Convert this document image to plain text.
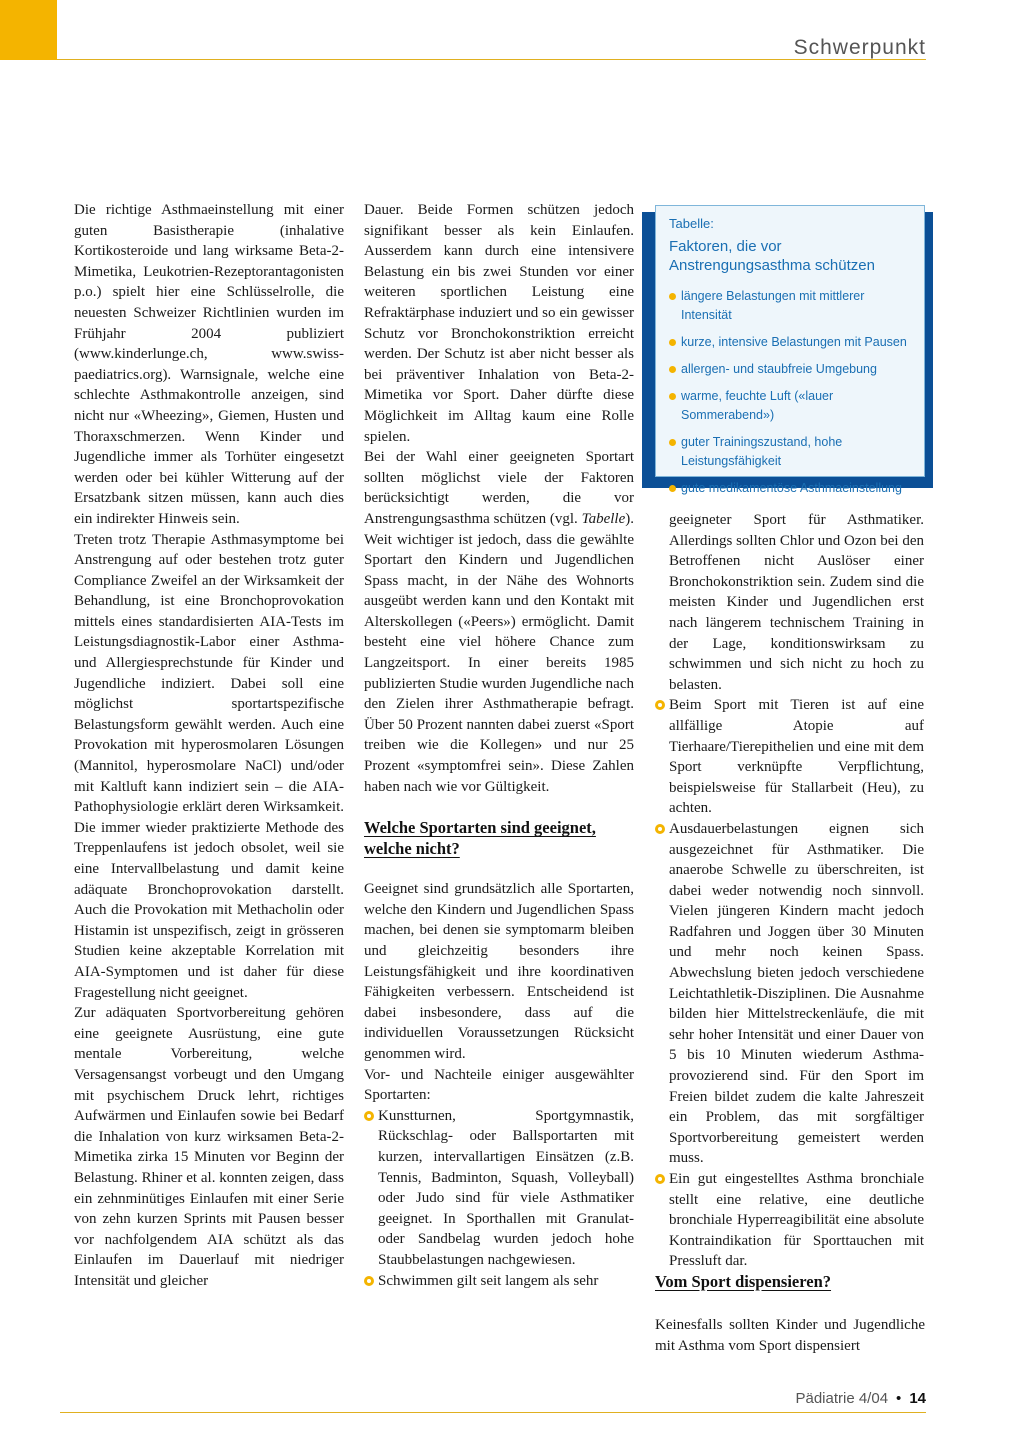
Schwerpunkt

Die richtige Asthmaeinstellung mit einer guten Basistherapie (inhalative Kortikosteroide und lang wirksame Beta-2-Mimetika, Leukotrien-Rezeptorantagonisten p.o.) spielt hier eine Schlüsselrolle, die neuesten Schweizer Richtlinien wurden im Frühjahr 2004 publiziert (www.kinderlunge.ch, www.swiss-paediatrics.org). Warnsignale, welche eine schlechte Asthmakontrolle anzeigen, sind nicht nur «Wheezing», Giemen, Husten und Thoraxschmerzen. Wenn Kinder und Jugendliche immer als Torhüter eingesetzt werden oder bei kühler Witterung auf der Ersatzbank sitzen müssen, kann auch dies ein indirekter Hinweis sein.

Treten trotz Therapie Asthmasymptome bei Anstrengung auf oder bestehen trotz guter Compliance Zweifel an der Wirksamkeit der Behandlung, ist eine Bronchoprovokation mittels eines standardisierten AIA-Tests im Leistungsdiagnostik-Labor einer Asthma- und Allergiesprechstunde für Kinder und Jugendliche indiziert. Dabei soll eine möglichst sportartspezifische Belastungsform gewählt werden. Auch eine Provokation mit hyperosmolaren Lösungen (Mannitol, hyperosmolare NaCl) und/oder mit Kaltluft kann indiziert sein – die AIA-Pathophysiologie erklärt deren Wirksamkeit. Die immer wieder praktizierte Methode des Treppenlaufens ist jedoch obsolet, weil sie eine Intervallbelastung und damit keine adäquate Bronchoprovokation darstellt. Auch die Provokation mit Methacholin oder Histamin ist unspezifisch, zeigt in grösseren Studien keine akzeptable Korrelation mit AIA-Symptomen und ist daher für diese Fragestellung nicht geeignet.

Zur adäquaten Sportvorbereitung gehören eine geeignete Ausrüstung, eine gute mentale Vorbereitung, welche Versagensangst vorbeugt und den Umgang mit psychischem Druck lehrt, richtiges Aufwärmen und Einlaufen sowie bei Bedarf die Inhalation von kurz wirksamen Beta-2-Mimetika zirka 15 Minuten vor Beginn der Belastung. Rhiner et al. konnten zeigen, dass ein zehnminütiges Einlaufen mit einer Serie von zehn kurzen Sprints mit Pausen besser vor nachfolgendem AIA schützt als das Einlaufen im Dauerlauf mit niedriger Intensität und gleicher

Dauer. Beide Formen schützen jedoch signifikant besser als kein Einlaufen. Ausserdem kann durch eine intensivere Belastung ein bis zwei Stunden vor einer weiteren sportlichen Leistung eine Refraktärphase induziert und so ein gewisser Schutz vor Bronchokonstriktion erreicht werden. Der Schutz ist aber nicht besser als bei präventiver Inhalation von Beta-2-Mimetika vor Sport. Daher dürfte diese Möglichkeit im Alltag kaum eine Rolle spielen.

Bei der Wahl einer geeigneten Sportart sollten möglichst viele der Faktoren berücksichtigt werden, die vor Anstrengungsasthma schützen (vgl. Tabelle). Weit wichtiger ist jedoch, dass die gewählte Sportart den Kindern und Jugendlichen Spass macht, in der Nähe des Wohnorts ausgeübt werden kann und den Kontakt mit Alterskollegen («Peers») ermöglicht. Damit besteht eine viel höhere Chance zum Langzeitsport. In einer bereits 1985 publizierten Studie wurden Jugendliche nach den Zielen ihrer Asthmatherapie befragt. Über 50 Prozent nannten dabei zuerst «Sport treiben wie die Kollegen» und nur 25 Prozent «symptomfrei sein». Diese Zahlen haben nach wie vor Gültigkeit.

Welche Sportarten sind geeignet, welche nicht?

Geeignet sind grundsätzlich alle Sportarten, welche den Kindern und Jugendlichen Spass machen, bei denen sie symptomarm bleiben und gleichzeitig besonders ihre Leistungsfähigkeit und ihre koordinativen Fähigkeiten verbessern. Entscheidend ist dabei insbesondere, dass auf die individuellen Voraussetzungen Rücksicht genommen wird.

Vor- und Nachteile einiger ausgewählter Sportarten:

Kunstturnen, Sportgymnastik, Rückschlag- oder Ballsportarten mit kurzen, intervallartigen Einsätzen (z.B. Tennis, Badminton, Squash, Volleyball) oder Judo sind für viele Asthmatiker geeignet. In Sporthallen mit Granulat- oder Sandbelag wurden jedoch hohe Staubbelastungen nachgewiesen.
Schwimmen gilt seit langem als sehr

Tabelle:

Faktoren, die vor Anstrengungsasthma schützen

längere Belastungen mit mittlerer Intensität
kurze, intensive Belastungen mit Pausen
allergen- und staubfreie Umgebung
warme, feuchte Luft («lauer Sommerabend»)
guter Trainingszustand, hohe Leistungsfähigkeit
gute medikamentöse Asthmaeinstellung

geeigneter Sport für Asthmatiker. Allerdings sollten Chlor und Ozon bei den Betroffenen nicht Auslöser einer Bronchokonstriktion sein. Zudem sind die meisten Kinder und Jugendlichen erst nach längerem technischem Training in der Lage, konditionswirksam zu schwimmen und sich nicht zu hoch zu belasten.

Beim Sport mit Tieren ist auf eine allfällige Atopie auf Tierhaare/Tierepithelien und eine mit dem Sport verknüpfte Verpflichtung, beispielsweise für Stallarbeit (Heu), zu achten.
Ausdauerbelastungen eignen sich ausgezeichnet für Asthmatiker. Die anaerobe Schwelle zu überschreiten, ist dabei weder notwendig noch sinnvoll. Vielen jüngeren Kindern macht jedoch Radfahren und Joggen über 30 Minuten und mehr noch keinen Spass. Abwechslung bieten jedoch verschiedene Leichtathletik-Disziplinen. Die Ausnahme bilden hier Mittelstreckenläufe, die mit sehr hoher Intensität und einer Dauer von 5 bis 10 Minuten wiederum Asthma-provozierend sind. Für den Sport im Freien bildet zudem die kalte Jahreszeit ein Problem, das mit sorgfältiger Sportvorbereitung gemeistert werden muss.
Ein gut eingestelltes Asthma bronchiale stellt eine relative, eine deutliche bronchiale Hyperreagibilität eine absolute Kontraindikation für Sporttauchen mit Pressluft dar.
Vom Sport dispensieren?

Keinesfalls sollten Kinder und Jugendliche mit Asthma vom Sport dispensiert

Pädiatrie 4/04 • 14
